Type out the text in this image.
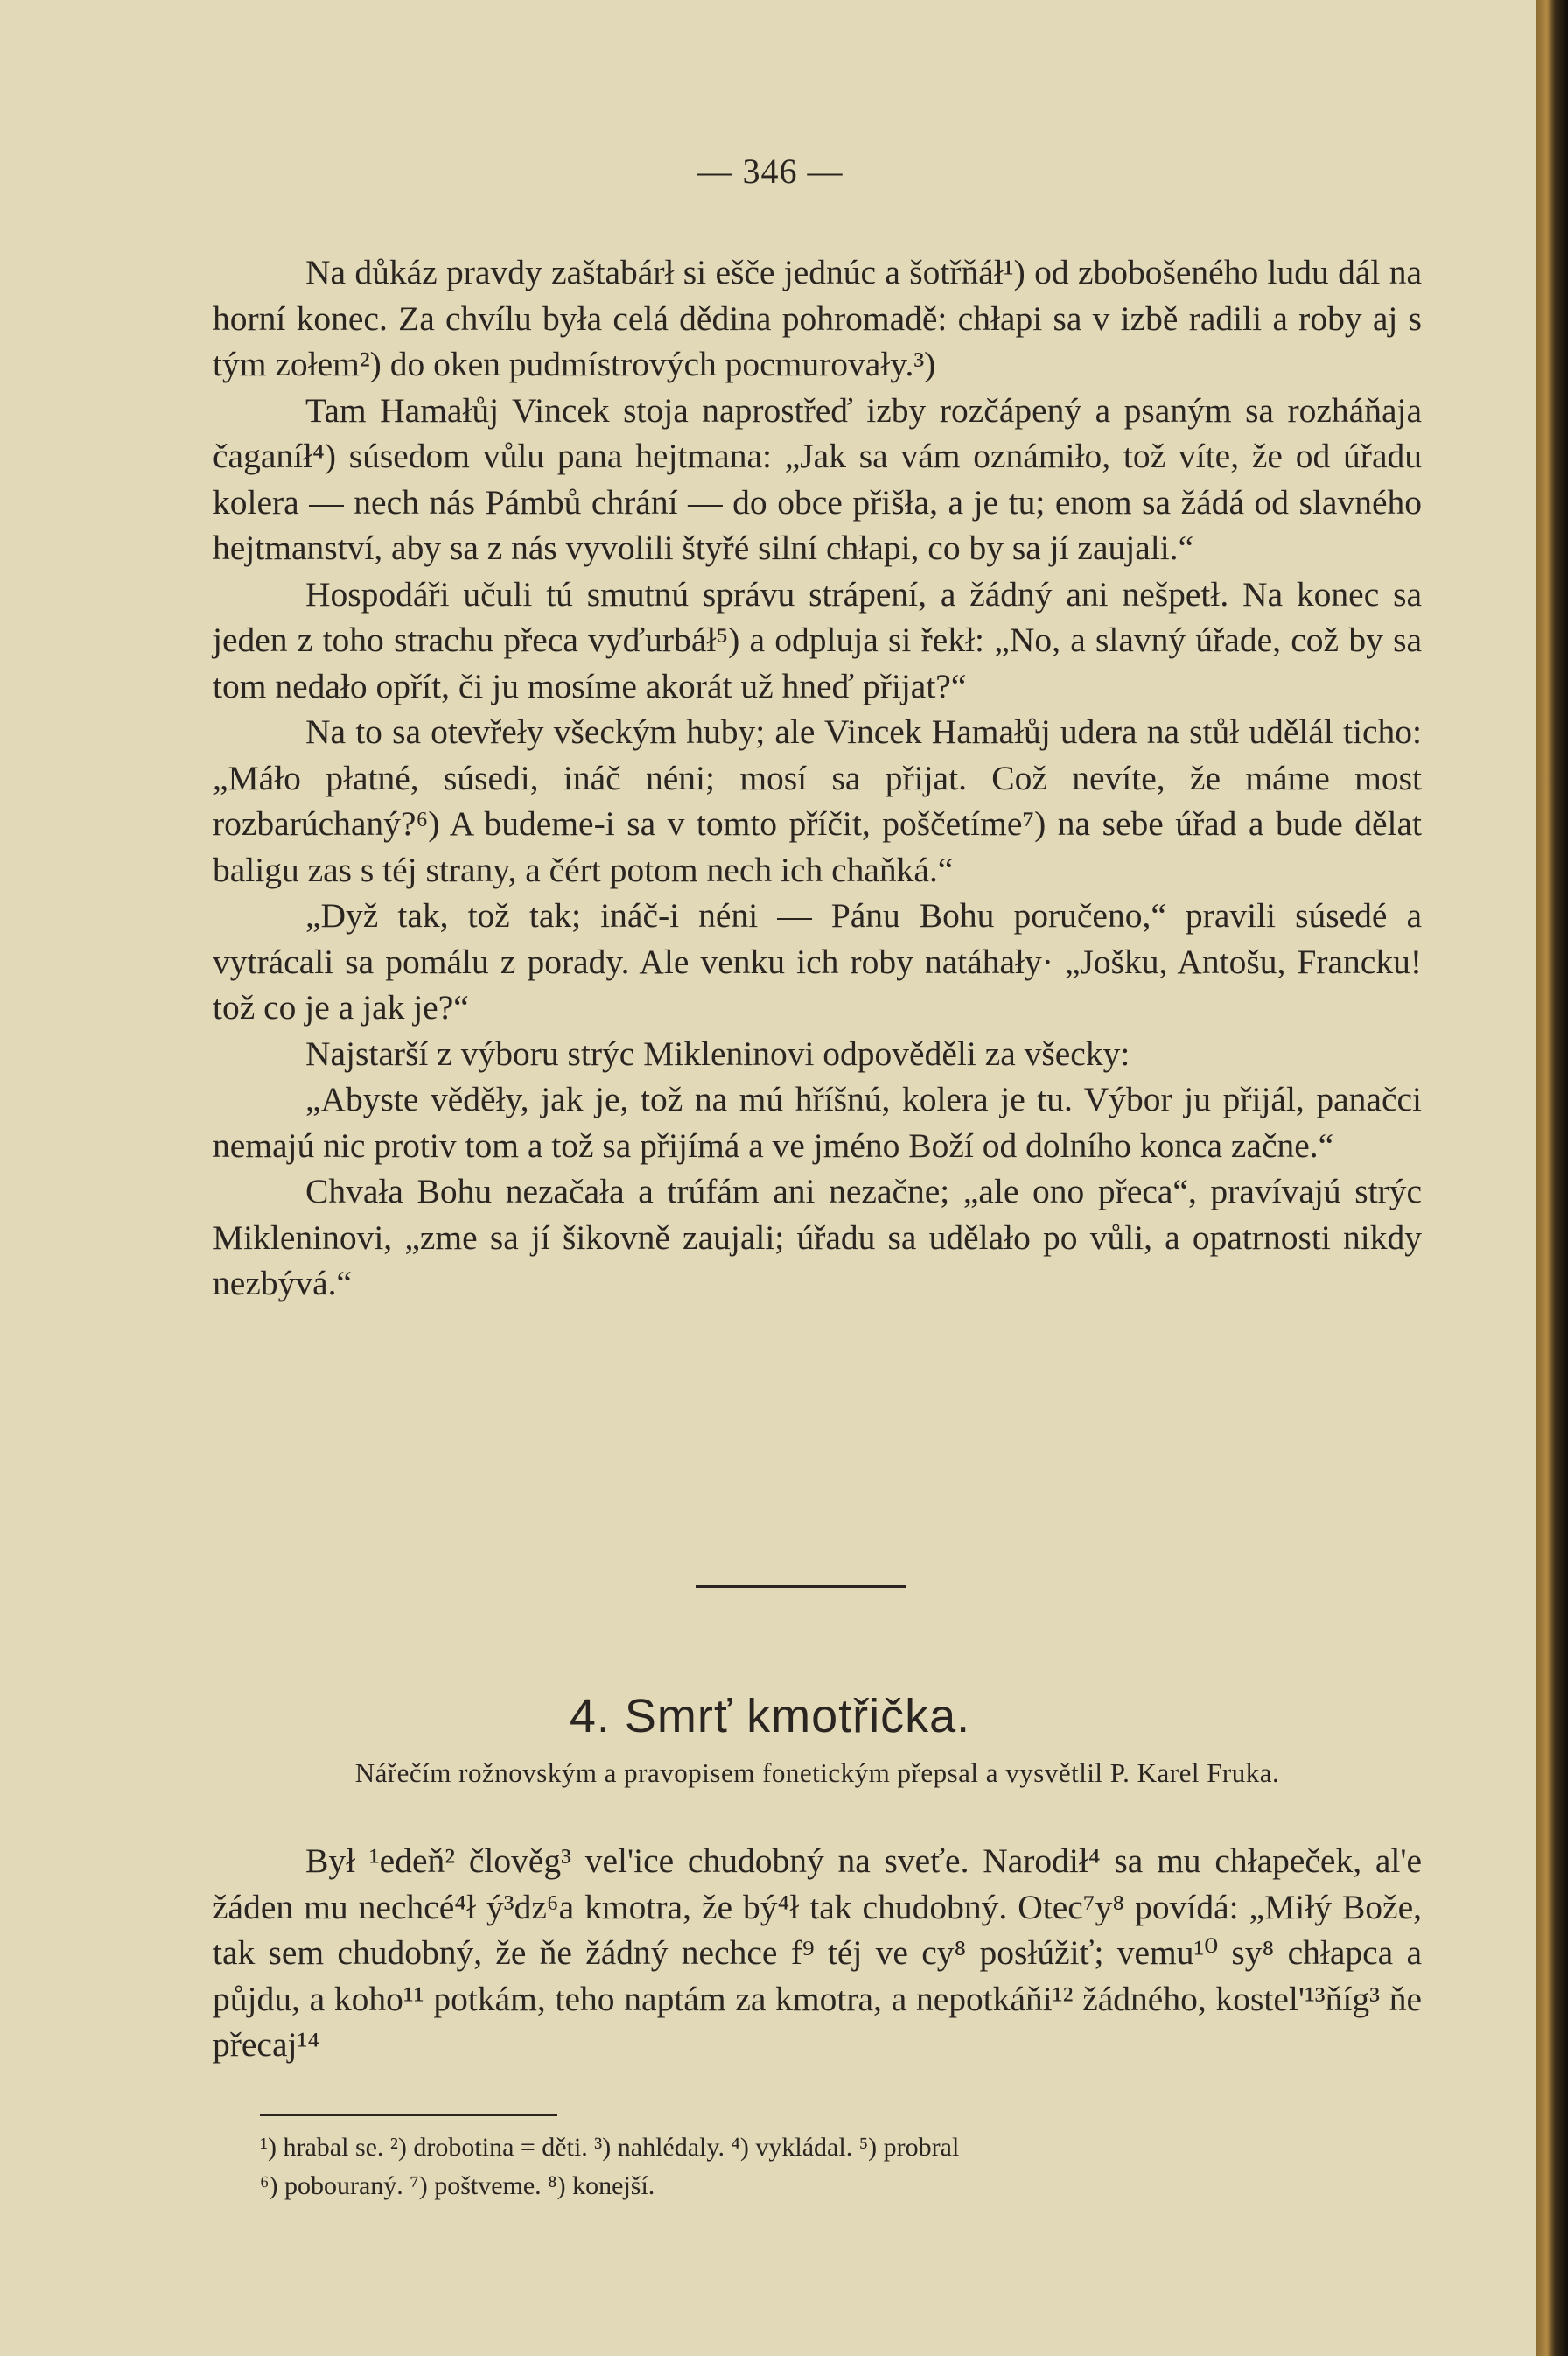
— 346 —

Na důkáz pravdy zaštabárł si ešče jednúc a šotřňáł¹) od zbobošeného ludu dál na horní konec. Za chvílu była celá dědina pohromadě: chłapi sa v izbě radili a roby aj s tým zołem²) do oken pudmístrových pocmurovały.³)

Tam Hamałůj Vincek stoja naprostřeď izby rozčápený a psaným sa rozháňaja čaganíł⁴) súsedom vůlu pana hejtmana: „Jak sa vám oznámiło, tož víte, že od úřadu kolera — nech nás Pámbů chrání — do obce přišła, a je tu; enom sa žádá od slavného hejtmanství, aby sa z nás vyvolili štyřé silní chłapi, co by sa jí zaujali.“

Hospodáři učuli tú smutnú správu strápení, a žádný ani nešpetł. Na konec sa jeden z toho strachu přeca vyďurbáł⁵) a odpluja si řekł: „No, a slavný úřade, což by sa tom nedało opřít, či ju mosíme akorát už hneď přijat?“

Na to sa otevřeły všeckým huby; ale Vincek Hamałůj udera na stůł udělál ticho: „Máło płatné, súsedi, ináč néni; mosí sa přijat. Což nevíte, že máme most rozbarúchaný?⁶) A budeme-i sa v tomto příčit, poščetíme⁷) na sebe úřad a bude dělat baligu zas s téj strany, a čért potom nech ich chaňká.“

„Dyž tak, tož tak; ináč-i néni — Pánu Bohu poručeno,“ pravili súsedé a vytrácali sa pomálu z porady. Ale venku ich roby natáhały· „Jošku, Antošu, Francku! tož co je a jak je?“

Najstarší z výboru strýc Mikleninovi odpověděli za všecky:

„Abyste věděły, jak je, tož na mú hříšnú, kolera je tu. Výbor ju přijál, panačci nemajú nic protiv tom a tož sa přijímá a ve jméno Boží od dolního konca začne.“

Chvała Bohu nezačała a trúfám ani nezačne; „ale ono přeca“, pravívajú strýc Mikleninovi, „zme sa jí šikovně zaujali; úřadu sa udělało po vůli, a opatrnosti nikdy nezbývá.“

4. Smrť kmotřička.
Nářečím rožnovským a pravopisem fonetickým přepsal a vysvětlil P. Karel Fruka.

Był ¹edeň² člověg³ vel'ice chudobný na sveťe. Narodił⁴ sa mu chłapeček, al'e žáden mu nechcé⁴ł ý³dz⁶a kmotra, že bý⁴ł tak chudobný. Otec⁷y⁸ povídá: „Miłý Bože, tak sem chudobný, že ňe žádný nechce f⁹ téj ve cy⁸ posłúžiť; vemu¹⁰ sy⁸ chłapca a půjdu, a koho¹¹ potkám, teho naptám za kmotra, a nepotkáňi¹² žádného, kostel'¹³ňíg³ ňe přecaj¹⁴

¹) hrabal se. ²) drobotina = děti. ³) nahlédaly. ⁴) vykládal. ⁵) probral
⁶) pobouraný. ⁷) poštveme. ⁸) konejší.
